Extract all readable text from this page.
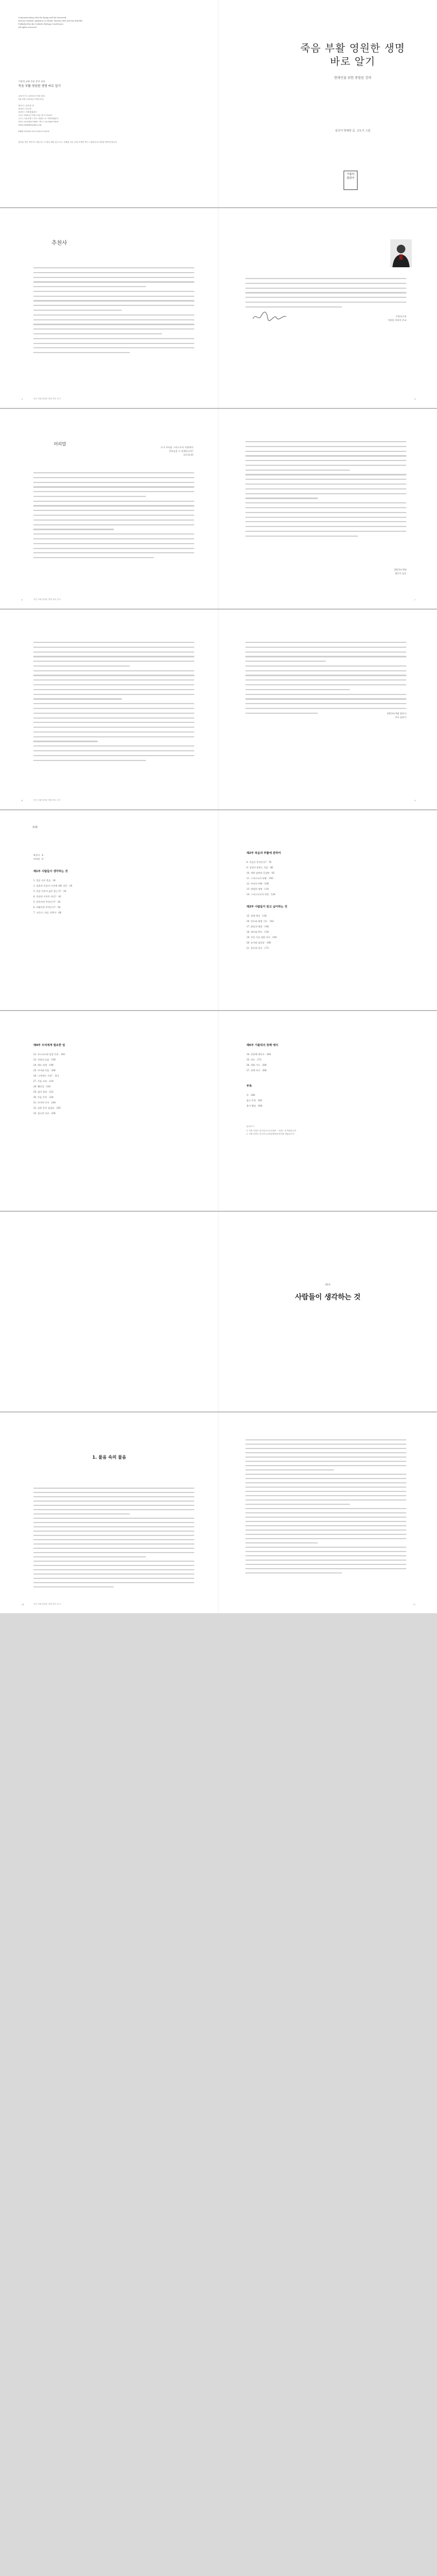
Communicating with the dying and the bereaved
Korean Catholic guidance on death, funeral rites and the afterlife
Published by the Catholic Bishops Conference
All rights reserved
가톨릭 교회 죽음 준비 교육
죽음 부활 영원한 생명 바로 알기
교회 인가 | 2013년 11월 10일
1판 1쇄 | 2013년 11월 25일
엮은이 | 김종섭 외
펴낸이 | 김인선
펴낸곳 | 가톨릭출판사
등록 | 1990년 11월 23일 제 1-1120호
주소 | 서울특별시 중구 중림로 27 가톨릭출판사
전화 | 02-6365-1888 · 팩스 | 02-6365-1800
www.catholicbook.co.kr
ISBN 978-89-321-1301-6 03230
잘못된 책은 바꾸어 드립니다. 이 책의 내용 일부 또는 전체를 다른 곳에 쓰려면 반드시 출판사의 허락을 받아야 합니다.
죽음 부활 영원한 생명 바로 알기
현대인을 위한 종말론 강의
심산이 박해정 글, 신도기 그림
가톨릭 출판사
추천사
죽음 부활 영원한 생명 바로 알기
4
수원교구장
이용훈 마티아 주교
5
머리말
누가 우리를 그리스도의 사랑에서
갈라놓을 수 있겠습니까?
로마 8,35
죽음 부활 영원한 생명 바로 알기
6
2013년 9월
엮은이 일동
7
죽음 부활 영원한 생명 바로 알기
8
2013년 9월 엮은이
저자 심산이
9
차례
추천사 · 4
머리말 · 6
제1부 사람들이 생각하는 것
1. 물음 속의 물음 · 16
2. 임종과 죽음의 시간에 대한 질문 · 24
3. 죽음 이후의 삶은 있는가? · 34
4. 천당과 지옥은 어디? · 42
5. 연옥이란 무엇인가? · 50
6. 부활이란 무엇인가? · 58
7. 고독사, 자살, 안락사 · 66
제2부 죽음과 부활에 관하여
8. 죽음은 무엇인가? · 78
9. 성경이 말하는 죽음 · 86
10. 개별 심판과 공심판 · 92
11. 그리스도의 부활 · 100
12. 우리의 부활 · 108
13. 영원한 생명 · 118
14. 그리스도인의 희망 · 126
제3부 사람들이 알고 싶어하는 것
15. 장례 예식 · 136
16. 연도와 위령 기도 · 142
17. 화장과 매장 · 148
18. 제사와 추모 · 154
19. 죽은 이를 위한 미사 · 160
20. 묘지와 납골당 · 166
21. 유언과 상속 · 172
제4부 우리에게 필요한 일
22. 호스피스와 임종 간호 · 182
23. 사별의 슬픔 · 190
24. 애도 과정 · 198
25. 아이와 죽음 · 206
26. '고통받는 이웃' · 212
27. 죽음 교육 · 218
28. 웰다잉 · 226
29. 삶의 정리 · 232
30. 죽음 준비 · 238
31. 마지막 인사 · 244
32. 임종 준비 점검표 · 250
33. 참고할 자료 · 256
제5부 가톨릭의 장례 예식
34. 상장례 예식서 · 264
35. 연도 · 272
36. 위령 기도 · 280
37. 장례 미사 · 288
부록
주 · 296
참고 문헌 · 302
용어 해설 · 308
일러두기
1. 성경 인용은 한국천주교주교회의 〈성경〉을 따랐습니다.
2. 교회 문헌은 한국천주교중앙협의회 번역을 따랐습니다.
제1부
사람들이 생각하는 것
1. 물음 속의 물음
죽음 부활 영원한 생명 바로 알기
16	17
